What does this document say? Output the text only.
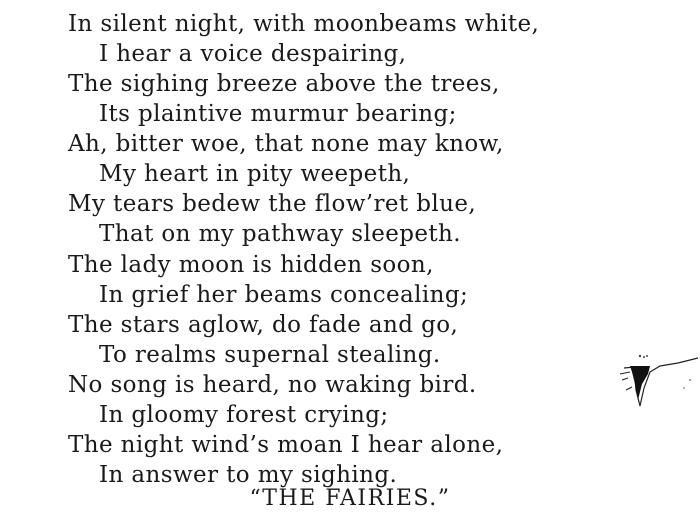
In silent night, with moonbeams white,
I hear a voice despairing,
The sighing breeze above the trees,
Its plaintive murmur bearing;
Ah, bitter woe, that none may know,
My heart in pity weepeth,
My tears bedew the flow’ret blue,
That on my pathway sleepeth.
The lady moon is hidden soon,
In grief her beams concealing;
The stars aglow, do fade and go,
To realms supernal stealing.
No song is heard, no waking bird.
In gloomy forest crying;
The night wind’s moan I hear alone,
In answer to my sighing.
“THE FAIRIES.”
